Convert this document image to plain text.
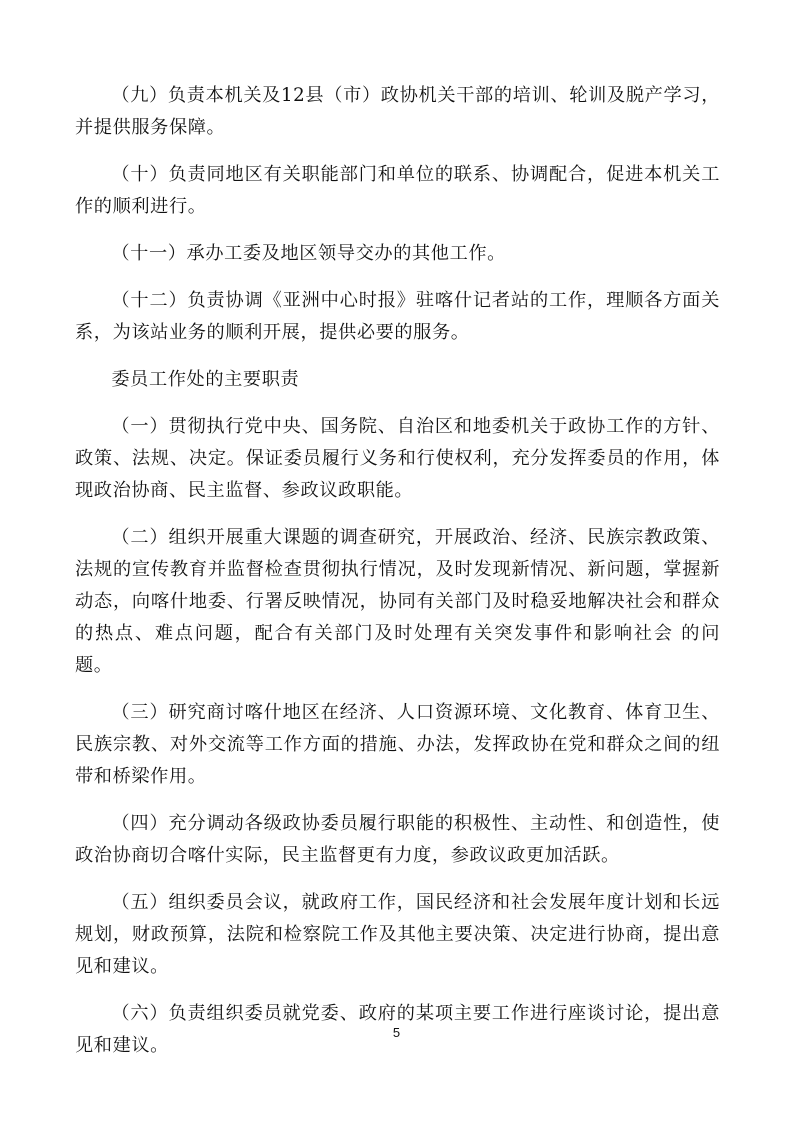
（九）负责本机关及12县（市）政协机关干部的培训、轮训及脱产学习，并提供服务保障。

（十）负责同地区有关职能部门和单位的联系、协调配合，促进本机关工作的顺利进行。

（十一）承办工委及地区领导交办的其他工作。

（十二）负责协调《亚洲中心时报》驻喀什记者站的工作，理顺各方面关系，为该站业务的顺利开展，提供必要的服务。

委员工作处的主要职责

（一）贯彻执行党中央、国务院、自治区和地委机关于政协工作的方针、政策、法规、决定。保证委员履行义务和行使权利，充分发挥委员的作用，体现政治协商、民主监督、参政议政职能。

（二）组织开展重大课题的调查研究，开展政治、经济、民族宗教政策、法规的宣传教育并监督检查贯彻执行情况，及时发现新情况、新问题，掌握新动态，向喀什地委、行署反映情况，协同有关部门及时稳妥地解决社会和群众的热点、难点问题，配合有关部门及时处理有关突发事件和影响社会 的问题。

（三）研究商讨喀什地区在经济、人口资源环境、文化教育、体育卫生、民族宗教、对外交流等工作方面的措施、办法，发挥政协在党和群众之间的纽带和桥梁作用。

（四）充分调动各级政协委员履行职能的积极性、主动性、和创造性，使政治协商切合喀什实际，民主监督更有力度，参政议政更加活跃。

（五）组织委员会议，就政府工作，国民经济和社会发展年度计划和长远规划，财政预算，法院和检察院工作及其他主要决策、决定进行协商，提出意见和建议。

（六）负责组织委员就党委、政府的某项主要工作进行座谈讨论，提出意见和建议。

5
